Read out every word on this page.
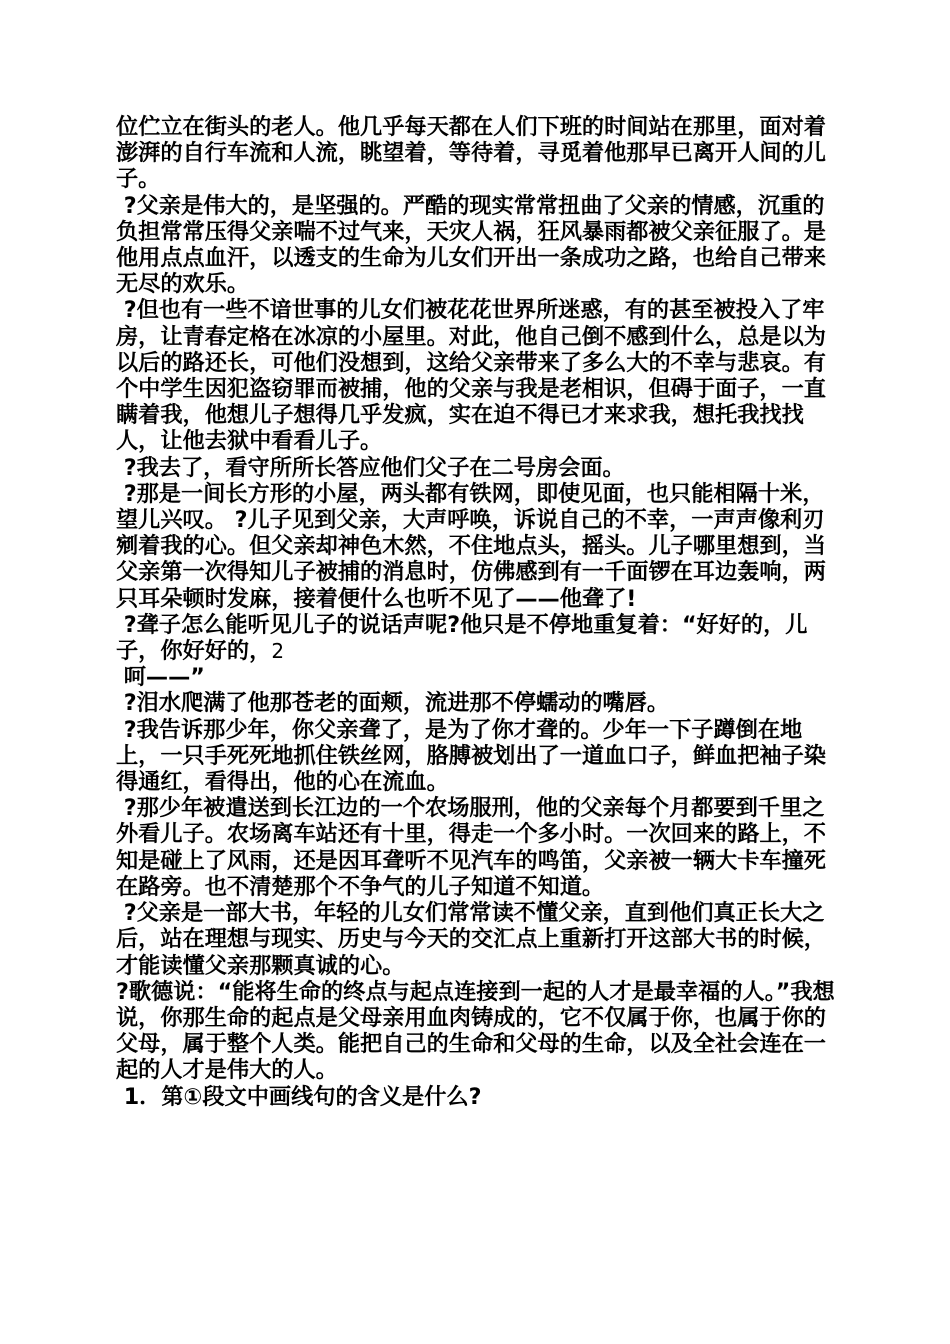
位伫立在街头的老人。他几乎每天都在人们下班的时间站在那里，面对着澎湃的自行车流和人流，眺望着，等待着，寻觅着他那早已离开人间的儿子。

?父亲是伟大的，是坚强的。严酷的现实常常扭曲了父亲的情感，沉重的负担常常压得父亲喘不过气来，天灾人祸，狂风暴雨都被父亲征服了。是他用点点血汗，以透支的生命为儿女们开出一条成功之路，也给自己带来无尽的欢乐。

?但也有一些不谙世事的儿女们被花花世界所迷惑，有的甚至被投入了牢房，让青春定格在冰凉的小屋里。对此，他自己倒不感到什么，总是以为以后的路还长，可他们没想到，这给父亲带来了多么大的不幸与悲哀。有个中学生因犯盗窃罪而被捕，他的父亲与我是老相识，但碍于面子，一直瞒着我，他想儿子想得几乎发疯，实在迫不得已才来求我，想托我找找人，让他去狱中看看儿子。

?我去了，看守所所长答应他们父子在二号房会面。

?那是一间长方形的小屋，两头都有铁网，即使见面，也只能相隔十米，望儿兴叹。 ?儿子见到父亲，大声呼唤，诉说自己的不幸，一声声像利刃剜着我的心。但父亲却神色木然，不住地点头，摇头。儿子哪里想到，当父亲第一次得知儿子被捕的消息时，仿佛感到有一千面锣在耳边轰响，两只耳朵顿时发麻，接着便什么也听不见了——他聋了!

?聋子怎么能听见儿子的说话声呢?他只是不停地重复着：“好好的，儿子，你好好的，2

呵——”

?泪水爬满了他那苍老的面颊，流进那不停蠕动的嘴唇。

?我告诉那少年，你父亲聋了，是为了你才聋的。少年一下子蹲倒在地上，一只手死死地抓住铁丝网，胳膊被划出了一道血口子，鲜血把袖子染得通红，看得出，他的心在流血。

?那少年被遣送到长江边的一个农场服刑，他的父亲每个月都要到千里之外看儿子。农场离车站还有十里，得走一个多小时。一次回来的路上，不知是碰上了风雨，还是因耳聋听不见汽车的鸣笛，父亲被一辆大卡车撞死在路旁。也不清楚那个不争气的儿子知道不知道。

?父亲是一部大书，年轻的儿女们常常读不懂父亲，直到他们真正长大之后，站在理想与现实、历史与今天的交汇点上重新打开这部大书的时候，才能读懂父亲那颗真诚的心。

?歌德说：“能将生命的终点与起点连接到一起的人才是最幸福的人。”我想说，你那生命的起点是父母亲用血肉铸成的，它不仅属于你，也属于你的父母，属于整个人类。能把自己的生命和父母的生命，以及全社会连在一起的人才是伟大的人。

1．第①段文中画线句的含义是什么?
